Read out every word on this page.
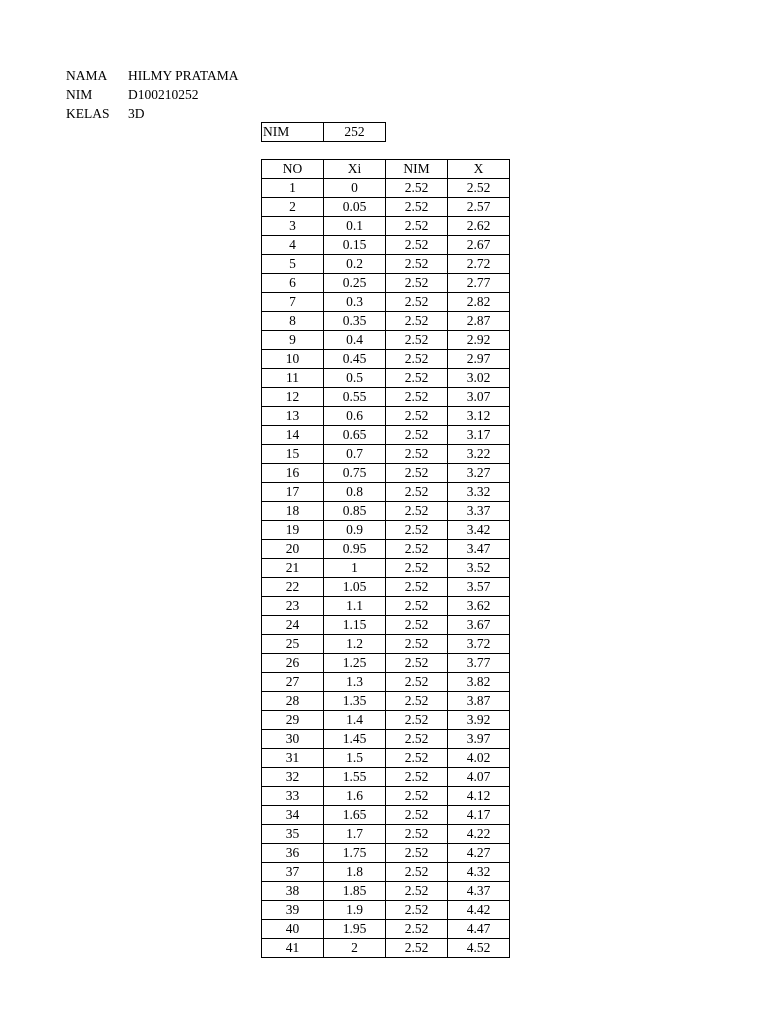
NAMA	HILMY PRATAMA
NIM	D100210252
KELAS	3D
NIM	252
NO	Xi	NIM	X
1	0	2.52	2.52
2	0.05	2.52	2.57
3	0.1	2.52	2.62
4	0.15	2.52	2.67
5	0.2	2.52	2.72
6	0.25	2.52	2.77
7	0.3	2.52	2.82
8	0.35	2.52	2.87
9	0.4	2.52	2.92
10	0.45	2.52	2.97
11	0.5	2.52	3.02
12	0.55	2.52	3.07
13	0.6	2.52	3.12
14	0.65	2.52	3.17
15	0.7	2.52	3.22
16	0.75	2.52	3.27
17	0.8	2.52	3.32
18	0.85	2.52	3.37
19	0.9	2.52	3.42
20	0.95	2.52	3.47
21	1	2.52	3.52
22	1.05	2.52	3.57
23	1.1	2.52	3.62
24	1.15	2.52	3.67
25	1.2	2.52	3.72
26	1.25	2.52	3.77
27	1.3	2.52	3.82
28	1.35	2.52	3.87
29	1.4	2.52	3.92
30	1.45	2.52	3.97
31	1.5	2.52	4.02
32	1.55	2.52	4.07
33	1.6	2.52	4.12
34	1.65	2.52	4.17
35	1.7	2.52	4.22
36	1.75	2.52	4.27
37	1.8	2.52	4.32
38	1.85	2.52	4.37
39	1.9	2.52	4.42
40	1.95	2.52	4.47
41	2	2.52	4.52
